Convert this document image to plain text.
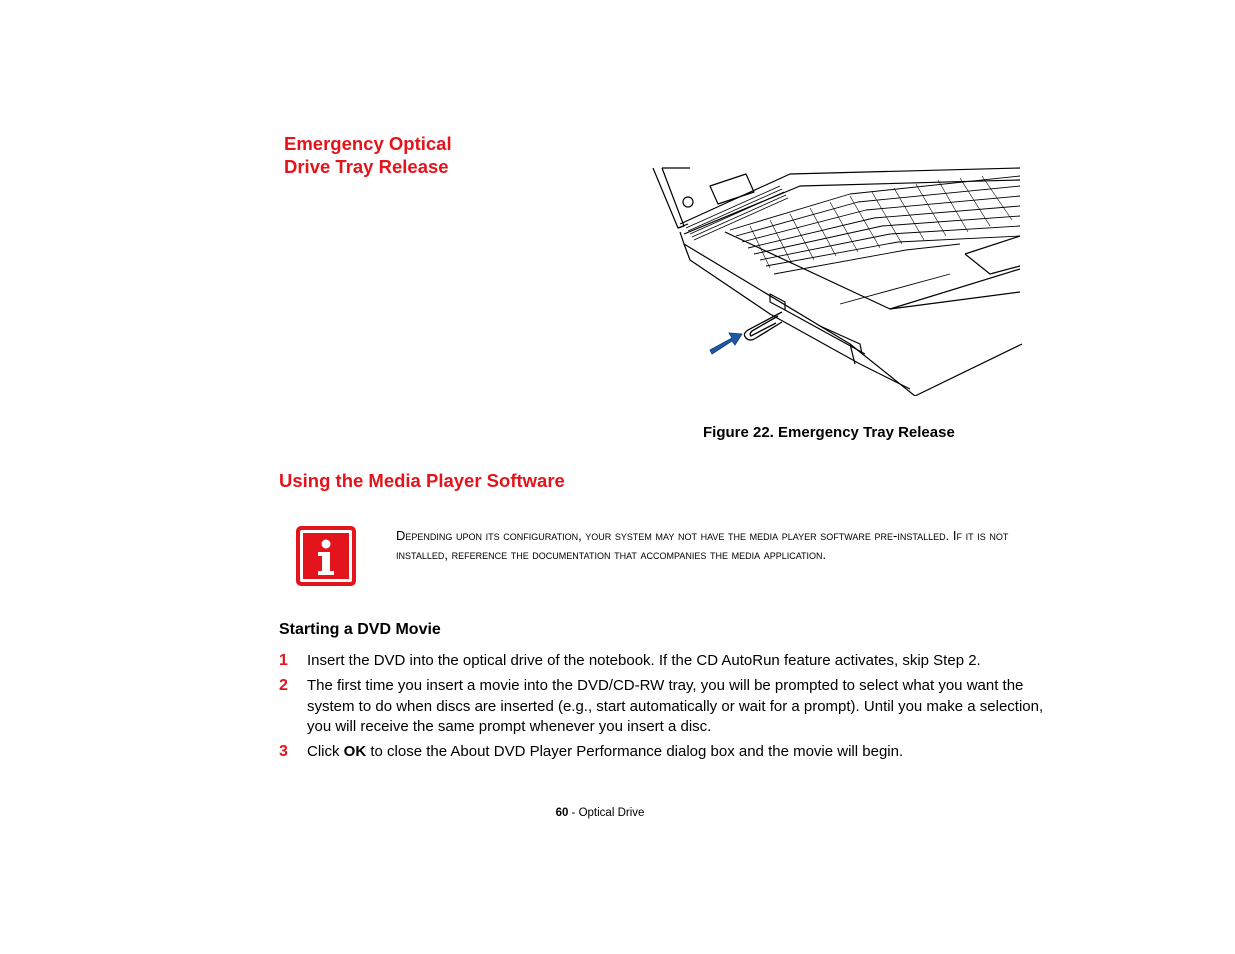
Emergency Optical
Drive Tray Release
Figure 22. Emergency Tray Release
Using the Media Player Software
Depending upon its configuration, your system may not have the media player software pre-installed. If it is not installed, reference the documentation that accompanies the media application.
Starting a DVD Movie
1 Insert the DVD into the optical drive of the notebook. If the CD AutoRun feature activates, skip Step 2.
2 The first time you insert a movie into the DVD/CD-RW tray, you will be prompted to select what you want the system to do when discs are inserted (e.g., start automatically or wait for a prompt). Until you make a selection, you will receive the same prompt whenever you insert a disc.
3 Click OK to close the About DVD Player Performance dialog box and the movie will begin.
60 - Optical Drive
